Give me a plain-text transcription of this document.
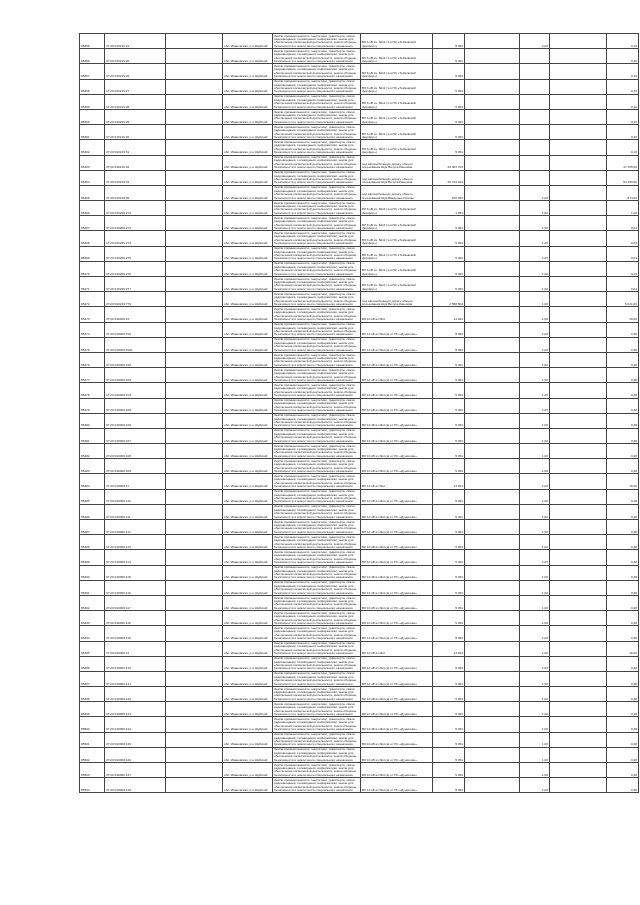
85455	37:20:010219:24		обл. Ивановская, р-н Шуйский	Земли промышленности, энергетики, транспорта, связи, радиовещания, телевидения, информатики, земли для обеспечения космической деятельности, земли обороны, безопасности и земли иного специального назначения	ВЛ 6 кВ яч. №11 (1-я ПС «Тейковский форфор»)	5 454		2,00		0,10
85456	37:20:010219:20		обл. Ивановская, р-н Шуйский	Земли промышленности, энергетики, транспорта, связи, радиовещания, телевидения, информатики, земли для обеспечения космической деятельности, земли обороны, безопасности и земли иного специального назначения	ВЛ 6 кВ яч. №11 (1-я ПС «Тейковский форфор»)	5 454				0,10
85457	37:20:010219:26		обл. Ивановская, р-н Шуйский	Земли промышленности, энергетики, транспорта, связи, радиовещания, телевидения, информатики, земли для обеспечения космической деятельности, земли обороны, безопасности и земли иного специального назначения	ВЛ 6 кВ яч. №11 (1-я ПС «Тейковский форфор»)	5 454				0,10
85458	37:20:010219:27		обл. Ивановская, р-н Шуйский	Земли промышленности, энергетики, транспорта, связи, радиовещания, телевидения, информатики, земли для обеспечения космической деятельности, земли обороны, безопасности и земли иного специального назначения	ВЛ 6 кВ яч. №11 (1-я ПС «Тейковский форфор»)	5 454				0,10
85459	37:20:010219:28		обл. Ивановская, р-н Шуйский	Земли промышленности, энергетики, транспорта, связи, радиовещания, телевидения, информатики, земли для обеспечения космической деятельности, земли обороны, безопасности и земли иного специального назначения	ВЛ 6 кВ яч. №11 (1-я ПС «Тейковский форфор»)	5 454				0,10
85460	37:20:010219:29		обл. Ивановская, р-н Шуйский	Земли промышленности, энергетики, транспорта, связи, радиовещания, телевидения, информатики, земли для обеспечения космической деятельности, земли обороны, безопасности и земли иного специального назначения	ВЛ 6 кВ яч. №11 (1-я ПС «Тейковский форфор»)	5 454				0,10
85461	37:20:010219:30		обл. Ивановская, р-н Шуйский	Земли промышленности, энергетики, транспорта, связи, радиовещания, телевидения, информатики, земли для обеспечения космической деятельности, земли обороны, безопасности и земли иного специального назначения	ВЛ 6 кВ яч. №11 (1-я ПС «Тейковский форфор»)	5 454				0,10
85462	37:20:010219:31		обл. Ивановская, р-н Шуйский	Земли промышленности, энергетики, транспорта, связи, радиовещания, телевидения, информатики, земли для обеспечения космической деятельности, земли обороны, безопасности и земли иного специального назначения	ВЛ 6 кВ яч. №11 (1-я ПС «Тейковский форфор»)	5 454				0,10
85463	37:20:010219:32		обл. Ивановская, р-н Шуйский	Земли промышленности, энергетики, транспорта, связи, радиовещания, телевидения, информатики, земли для обеспечения космической деятельности, земли обороны, безопасности и земли иного специального назначения	под автомобильную дорогу общего пользования Шуя-Вичуга-Кинешма	23 363 703				47 705,00
85464	37:20:010219:33		обл. Ивановская, р-н Шуйский	Земли промышленности, энергетики, транспорта, связи, радиовещания, телевидения, информатики, земли для обеспечения космической деятельности, земли обороны, безопасности и земли иного специального назначения	под автомобильную дорогу общего пользования Шуя-Вичуга-Кинешма	26 723 224				54 359,00
85465	37:20:010219:35		обл. Ивановская, р-н Шуйский	Земли промышленности, энергетики, транспорта, связи, радиовещания, телевидения, информатики, земли для обеспечения космической деятельности, земли обороны, безопасности и земли иного специального назначения	под автомобильную дорогу общего пользования Шуя-Введенье-Горицы	165 053		1,00		874,00
85466	37:20:010206:272		обл. Ивановская, р-н Шуйский	Земли промышленности, энергетики, транспорта, связи, радиовещания, телевидения, информатики, земли для обеспечения космической деятельности, земли обороны, безопасности и земли иного специального назначения	ВЛ 6 кВ яч. №11 (1-я ПС «Тейковский форфор»)	1 954		1,00		1,00
85467	37:20:010206:273		обл. Ивановская, р-н Шуйский	Земли промышленности, энергетики, транспорта, связи, радиовещания, телевидения, информатики, земли для обеспечения космической деятельности, земли обороны, безопасности и земли иного специального назначения	ВЛ 6 кВ яч. №11 (1-я ПС «Тейковский форфор»)	5 454		1,00		0,04
85468	37:20:010206:274		обл. Ивановская, р-н Шуйский	Земли промышленности, энергетики, транспорта, связи, радиовещания, телевидения, информатики, земли для обеспечения космической деятельности, земли обороны, безопасности и земли иного специального назначения	ВЛ 6 кВ яч. №11 (1-я ПС «Тейковский форфор»)	5 454		1,00		0,04
85469	37:20:010206:275		обл. Ивановская, р-н Шуйский	Земли промышленности, энергетики, транспорта, связи, радиовещания, телевидения, информатики, земли для обеспечения космической деятельности, земли обороны, безопасности и земли иного специального назначения	ВЛ 6 кВ яч. №11 (1-я ПС «Тейковский форфор»)	5 454		1,00		0,04
85470	37:20:010206:276		обл. Ивановская, р-н Шуйский	Земли промышленности, энергетики, транспорта, связи, радиовещания, телевидения, информатики, земли для обеспечения космической деятельности, земли обороны, безопасности и земли иного специального назначения	ВЛ 6 кВ яч. №11 (1-я ПС «Тейковский форфор»)	5 454		1,00		0,04
85471	37:20:010206:277		обл. Ивановская, р-н Шуйский	Земли промышленности, энергетики, транспорта, связи, радиовещания, телевидения, информатики, земли для обеспечения космической деятельности, земли обороны, безопасности и земли иного специального назначения	ВЛ 6 кВ яч. №11 (1-я ПС «Тейковский форфор»)	5 454		1,00		0,04
85472	37:20:010219:779		обл. Ивановская, р-н Шуйский	Земли промышленности, энергетики, транспорта, связи, радиовещания, телевидения, информатики, земли для обеспечения космической деятельности, земли обороны, безопасности и земли иного специального назначения	под автомобильную дорогу общего пользования Шуя-Вичуга-Кинешма	2 558 504		1,00		5 021,00
85473	37:20:010000:15		обл. Ивановская, р-н Шуйский	Земли промышленности, энергетики, транспорта, связи, радиовещания, телевидения, информатики, земли для обеспечения космической деятельности, земли обороны, безопасности и земли иного специального назначения	ВЛ 10 кВ яч.№4	13 024		1,00		16,00
85474	37:20:010000:700		обл. Ивановская, р-н Шуйский	Земли промышленности, энергетики, транспорта, связи, радиовещания, телевидения, информатики, земли для обеспечения космической деятельности, земли обороны, безопасности и земли иного специального назначения	ВЛ 10 кВ яч.№4 (а) от ПС «Дуниловo»	5 454		1,00		0,48
85475	37:20:010000:1001		обл. Ивановская, р-н Шуйский	Земли промышленности, энергетики, транспорта, связи, радиовещания, телевидения, информатики, земли для обеспечения космической деятельности, земли обороны, безопасности и земли иного специального назначения	ВЛ 10 кВ яч.№4 (а) от ПС «Дуниловo»	5 454		1,00		0,48
85476	37:20:010000:102		обл. Ивановская, р-н Шуйский	Земли промышленности, энергетики, транспорта, связи, радиовещания, телевидения, информатики, земли для обеспечения космической деятельности, земли обороны, безопасности и земли иного специального назначения	ВЛ 10 кВ яч.№4 (а) от ПС «Дуниловo»	5 454		1,00		0,48
85477	37:20:010000:103		обл. Ивановская, р-н Шуйский	Земли промышленности, энергетики, транспорта, связи, радиовещания, телевидения, информатики, земли для обеспечения космической деятельности, земли обороны, безопасности и земли иного специального назначения	ВЛ 10 кВ яч.№4 (а) от ПС «Дуниловo»	5 454		1,00		0,48
85478	37:20:010000:104		обл. Ивановская, р-н Шуйский	Земли промышленности, энергетики, транспорта, связи, радиовещания, телевидения, информатики, земли для обеспечения космической деятельности, земли обороны, безопасности и земли иного специального назначения	ВЛ 10 кВ яч.№4 (а) от ПС «Дуниловo»	5 454		1,00		0,48
85479	37:20:010000:105		обл. Ивановская, р-н Шуйский	Земли промышленности, энергетики, транспорта, связи, радиовещания, телевидения, информатики, земли для обеспечения космической деятельности, земли обороны, безопасности и земли иного специального назначения	ВЛ 10 кВ яч.№4 (а) от ПС «Дуниловo»	5 454		1,00		0,48
85480	37:20:010000:106		обл. Ивановская, р-н Шуйский	Земли промышленности, энергетики, транспорта, связи, радиовещания, телевидения, информатики, земли для обеспечения космической деятельности, земли обороны, безопасности и земли иного специального назначения	ВЛ 10 кВ яч.№4 (а) от ПС «Дуниловo»	5 454		1,00		0,48
85481	37:20:010000:107		обл. Ивановская, р-н Шуйский	Земли промышленности, энергетики, транспорта, связи, радиовещания, телевидения, информатики, земли для обеспечения космической деятельности, земли обороны, безопасности и земли иного специального назначения	ВЛ 10 кВ яч.№4 (а) от ПС «Дуниловo»	5 454		1,00		0,48
85482	37:20:010000:108		обл. Ивановская, р-н Шуйский	Земли промышленности, энергетики, транспорта, связи, радиовещания, телевидения, информатики, земли для обеспечения космической деятельности, земли обороны, безопасности и земли иного специального назначения	ВЛ 10 кВ яч.№4 (а) от ПС «Дуниловo»	5 454		1,00		0,48
85483	37:20:010000:109		обл. Ивановская, р-н Шуйский	Земли промышленности, энергетики, транспорта, связи, радиовещания, телевидения, информатики, земли для обеспечения космической деятельности, земли обороны, безопасности и земли иного специального назначения	ВЛ 10 кВ яч.№4 (а) от ПС «Дуниловo»	5 454		1,00		0,48
85484	37:20:010000:11		обл. Ивановская, р-н Шуйский	Земли промышленности, энергетики, транспорта, связи, радиовещания, телевидения, информатики, земли для обеспечения космической деятельности, земли обороны, безопасности и земли иного специального назначения	ВЛ 10 кВ яч.№4	13 024		1,00		16,00
85485	37:20:010000:110		обл. Ивановская, р-н Шуйский	Земли промышленности, энергетики, транспорта, связи, радиовещания, телевидения, информатики, земли для обеспечения космической деятельности, земли обороны, безопасности и земли иного специального назначения	ВЛ 10 кВ яч.№4 (а) от ПС «Дуниловo»	5 454		1,00		0,48
85486	37:20:010000:111		обл. Ивановская, р-н Шуйский	Земли промышленности, энергетики, транспорта, связи, радиовещания, телевидения, информатики, земли для обеспечения космической деятельности, земли обороны, безопасности и земли иного специального назначения	ВЛ 10 кВ яч.№4 (а) от ПС «Дуниловo»	5 454		1,00		0,48
85487	37:20:010000:112		обл. Ивановская, р-н Шуйский	Земли промышленности, энергетики, транспорта, связи, радиовещания, телевидения, информатики, земли для обеспечения космической деятельности, земли обороны, безопасности и земли иного специального назначения	ВЛ 10 кВ яч.№4 (а) от ПС «Дуниловo»	5 454		1,00		0,48
85488	37:20:010000:113		обл. Ивановская, р-н Шуйский	Земли промышленности, энергетики, транспорта, связи, радиовещания, телевидения, информатики, земли для обеспечения космической деятельности, земли обороны, безопасности и земли иного специального назначения	ВЛ 10 кВ яч.№4 (а) от ПС «Дуниловo»	5 454		1,00		0,48
85489	37:20:010000:114		обл. Ивановская, р-н Шуйский	Земли промышленности, энергетики, транспорта, связи, радиовещания, телевидения, информатики, земли для обеспечения космической деятельности, земли обороны, безопасности и земли иного специального назначения	ВЛ 10 кВ яч.№4 (а) от ПС «Дуниловo»	5 454		1,00		0,48
85490	37:20:010000:115		обл. Ивановская, р-н Шуйский	Земли промышленности, энергетики, транспорта, связи, радиовещания, телевидения, информатики, земли для обеспечения космической деятельности, земли обороны, безопасности и земли иного специального назначения	ВЛ 10 кВ яч.№4 (а) от ПС «Дуниловo»	5 454		1,00		0,48
85491	37:20:010000:116		обл. Ивановская, р-н Шуйский	Земли промышленности, энергетики, транспорта, связи, радиовещания, телевидения, информатики, земли для обеспечения космической деятельности, земли обороны, безопасности и земли иного специального назначения	ВЛ 10 кВ яч.№4 (а) от ПС «Дуниловo»	5 454		1,00		0,48
85492	37:20:010000:117		обл. Ивановская, р-н Шуйский	Земли промышленности, энергетики, транспорта, связи, радиовещания, телевидения, информатики, земли для обеспечения космической деятельности, земли обороны, безопасности и земли иного специального назначения	ВЛ 10 кВ яч.№4 (а) от ПС «Дуниловo»	5 454		1,00		0,48
85493	37:20:010000:118		обл. Ивановская, р-н Шуйский	Земли промышленности, энергетики, транспорта, связи, радиовещания, телевидения, информатики, земли для обеспечения космической деятельности, земли обороны, безопасности и земли иного специального назначения	ВЛ 10 кВ яч.№4 (а) от ПС «Дуниловo»	5 454		1,00		0,48
85494	37:20:010000:119		обл. Ивановская, р-н Шуйский	Земли промышленности, энергетики, транспорта, связи, радиовещания, телевидения, информатики, земли для обеспечения космической деятельности, земли обороны, безопасности и земли иного специального назначения	ВЛ 10 кВ яч.№4 (а) от ПС «Дуниловo»	5 454		1,00		0,48
85495	37:20:010000:12		обл. Ивановская, р-н Шуйский	Земли промышленности, энергетики, транспорта, связи, радиовещания, телевидения, информатики, земли для обеспечения космической деятельности, земли обороны, безопасности и земли иного специального назначения	ВЛ 10 кВ яч.№4	13 024		1,00		16,00
85496	37:20:010000:120		обл. Ивановская, р-н Шуйский	Земли промышленности, энергетики, транспорта, связи, радиовещания, телевидения, информатики, земли для обеспечения космической деятельности, земли обороны, безопасности и земли иного специального назначения	ВЛ 10 кВ яч.№4 (а) от ПС «Дуниловo»	5 454		1,00		0,48
85497	37:20:010000:121		обл. Ивановская, р-н Шуйский	Земли промышленности, энергетики, транспорта, связи, радиовещания, телевидения, информатики, земли для обеспечения космической деятельности, земли обороны, безопасности и земли иного специального назначения	ВЛ 10 кВ яч.№4 (а) от ПС «Дуниловo»	5 454		1,00		0,48
85498	37:20:010000:122		обл. Ивановская, р-н Шуйский	Земли промышленности, энергетики, транспорта, связи, радиовещания, телевидения, информатики, земли для обеспечения космической деятельности, земли обороны, безопасности и земли иного специального назначения	ВЛ 10 кВ яч.№4 (а) от ПС «Дуниловo»	5 454		1,00		0,48
85499	37:20:010000:123		обл. Ивановская, р-н Шуйский	Земли промышленности, энергетики, транспорта, связи, радиовещания, телевидения, информатики, земли для обеспечения космической деятельности, земли обороны, безопасности и земли иного специального назначения	ВЛ 10 кВ яч.№4 (а) от ПС «Дуниловo»	5 454		1,00		0,48
85500	37:20:010000:124		обл. Ивановская, р-н Шуйский	Земли промышленности, энергетики, транспорта, связи, радиовещания, телевидения, информатики, земли для обеспечения космической деятельности, земли обороны, безопасности и земли иного специального назначения	ВЛ 10 кВ яч.№4 (а) от ПС «Дуниловo»	5 454		1,00		0,48
85501	37:20:010000:125		обл. Ивановская, р-н Шуйский	Земли промышленности, энергетики, транспорта, связи, радиовещания, телевидения, информатики, земли для обеспечения космической деятельности, земли обороны, безопасности и земли иного специального назначения	ВЛ 10 кВ яч.№4 (а) от ПС «Дуниловo»	5 454		1,00		0,48
85502	37:20:010000:126		обл. Ивановская, р-н Шуйский	Земли промышленности, энергетики, транспорта, связи, радиовещания, телевидения, информатики, земли для обеспечения космической деятельности, земли обороны, безопасности и земли иного специального назначения	ВЛ 10 кВ яч.№4 (а) от ПС «Дуниловo»	5 454		1,00		0,48
85503	37:20:010000:127		обл. Ивановская, р-н Шуйский	Земли промышленности, энергетики, транспорта, связи, радиовещания, телевидения, информатики, земли для обеспечения космической деятельности, земли обороны, безопасности и земли иного специального назначения	ВЛ 10 кВ яч.№4 (а) от ПС «Дуниловo»	5 454		1,00		0,48
85504	37:20:010000:128		обл. Ивановская, р-н Шуйский	Земли промышленности, энергетики, транспорта, связи, радиовещания, телевидения, информатики, земли для обеспечения космической деятельности, земли обороны, безопасности и земли иного специального назначения	ВЛ 10 кВ яч.№4 (а) от ПС «Дуниловo»	5 454		1,00		0,48
